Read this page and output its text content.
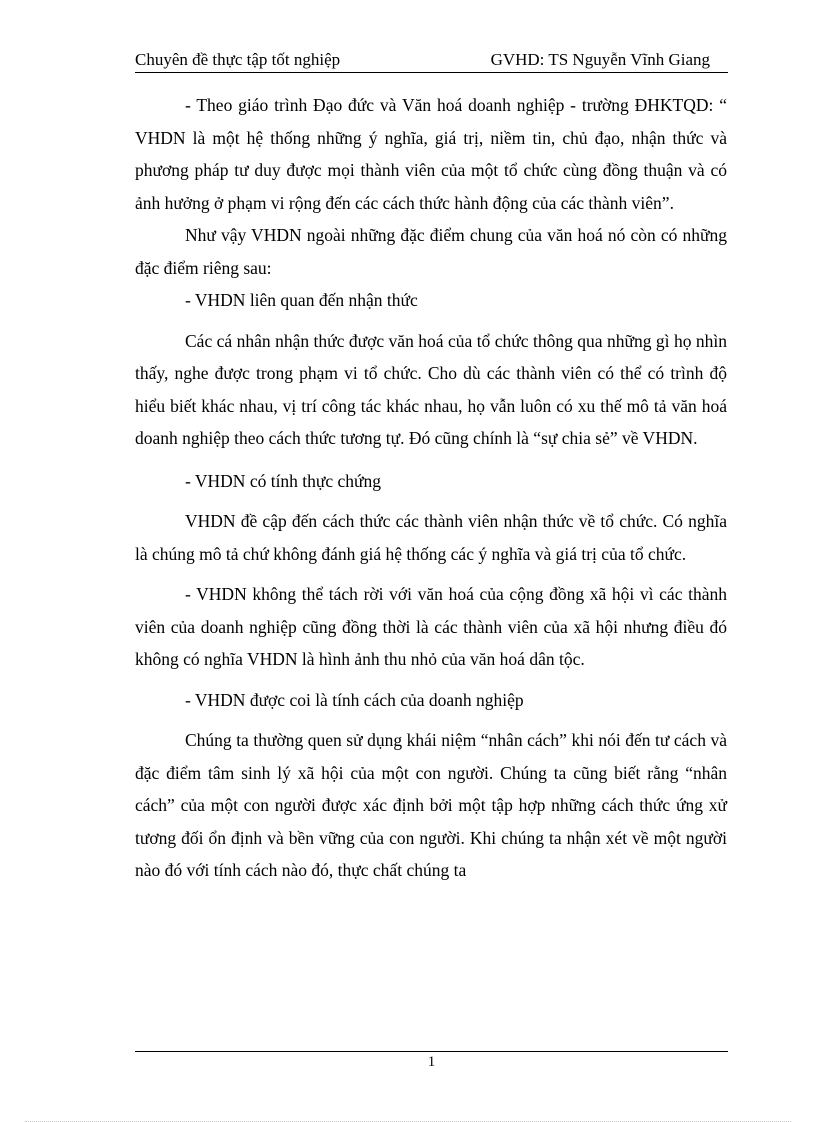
Chuyên đề thực tập tốt nghiệp	GVHD: TS Nguyễn Vĩnh Giang

- Theo giáo trình Đạo đức và Văn hoá doanh nghiệp - trường ĐHKTQD: “ VHDN là một hệ thống những ý nghĩa, giá trị, niềm tin, chủ đạo, nhận thức và phương pháp tư duy được mọi thành viên của một tổ chức cùng đồng thuận và có ảnh hưởng ở phạm vi rộng đến các cách thức hành động của các thành viên”.

Như vậy VHDN ngoài những đặc điểm chung của văn hoá nó còn có những đặc điểm riêng sau:

- VHDN liên quan đến nhận thức

Các cá nhân nhận thức được văn hoá của tổ chức thông qua những gì họ nhìn thấy, nghe được trong phạm vi tổ chức. Cho dù các thành viên có thể có trình độ hiểu biết khác nhau, vị trí công tác khác nhau, họ vẫn luôn có xu thế mô tả văn hoá doanh nghiệp theo cách thức tương tự. Đó cũng chính là “sự chia sẻ” về VHDN.

- VHDN có tính thực chứng

VHDN đề cập đến cách thức các thành viên nhận thức về tổ chức. Có nghĩa là chúng mô tả chứ không đánh giá hệ thống các ý nghĩa và giá trị của tổ chức.

- VHDN không thể tách rời với văn hoá của cộng đồng xã hội vì các thành viên của doanh nghiệp cũng đồng thời là các thành viên của xã hội nhưng điều đó không có nghĩa VHDN là hình ảnh thu nhỏ của văn hoá dân tộc.

- VHDN được coi là tính cách của doanh nghiệp

Chúng ta thường quen sử dụng khái niệm “nhân cách” khi nói đến tư cách và đặc điểm tâm sinh lý xã hội của một con người. Chúng ta cũng biết rằng “nhân cách” của một con người được xác định bởi một tập hợp những cách thức ứng xử tương đối ổn định và bền vững của con người. Khi chúng ta nhận xét về một người nào đó với tính cách nào đó, thực chất chúng ta

1
